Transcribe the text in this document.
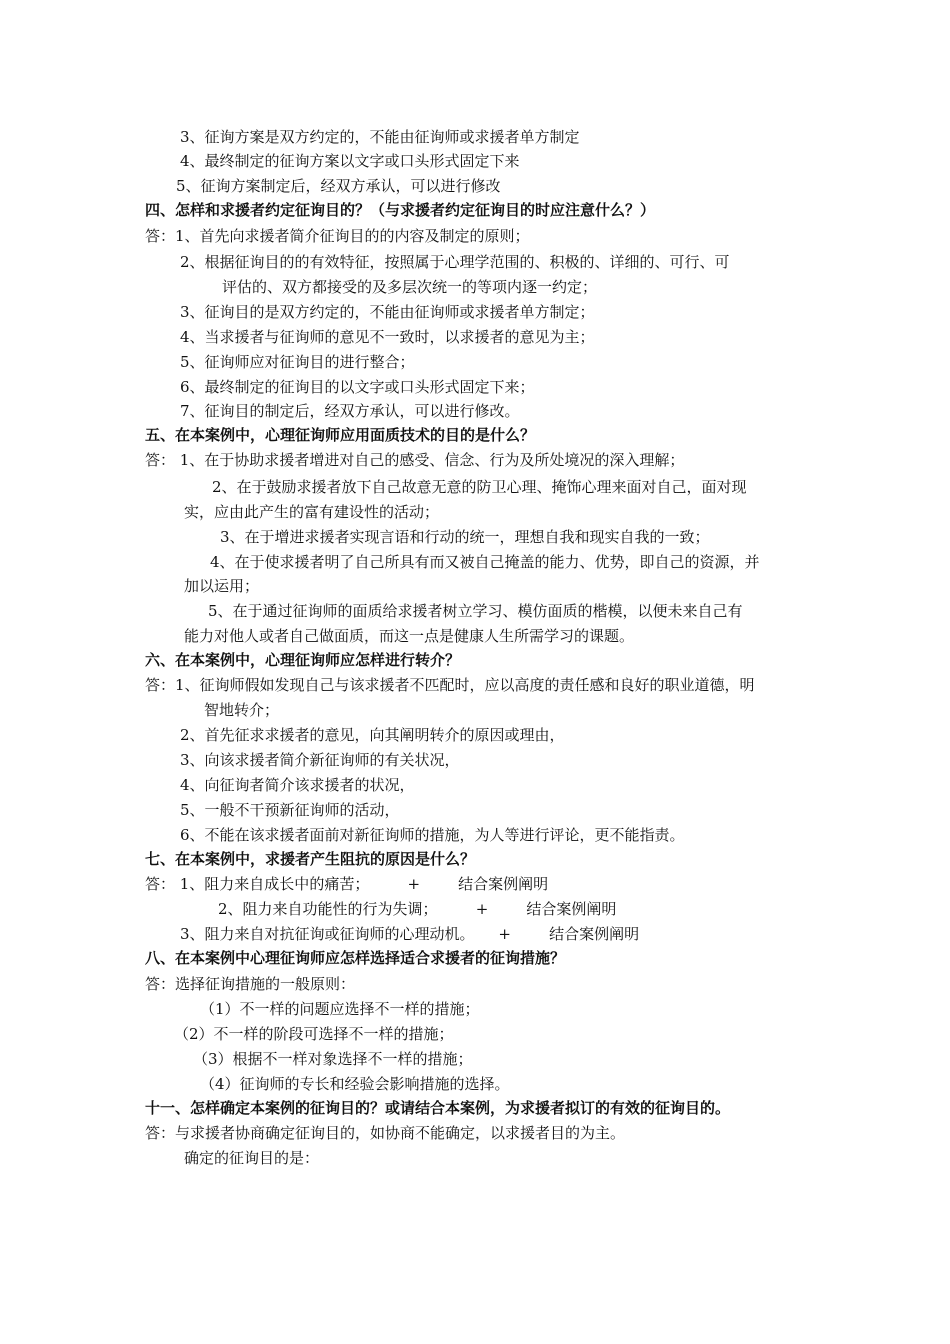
3、征询方案是双方约定的，不能由征询师或求援者单方制定
4、最终制定的征询方案以文字或口头形式固定下来
5、征询方案制定后，经双方承认，可以进行修改
四、怎样和求援者约定征询目的？（与求援者约定征询目的时应注意什么？）
答：1、首先向求援者简介征询目的的内容及制定的原则；
2、根据征询目的的有效特征，按照属于心理学范围的、积极的、详细的、可行、可
评估的、双方都接受的及多层次统一的等项内逐一约定；
3、征询目的是双方约定的，不能由征询师或求援者单方制定；
4、当求援者与征询师的意见不一致时，以求援者的意见为主；
5、征询师应对征询目的进行整合；
6、最终制定的征询目的以文字或口头形式固定下来；
7、征询目的制定后，经双方承认，可以进行修改。
五、在本案例中，心理征询师应用面质技术的目的是什么？
答： 1、在于协助求援者增进对自己的感受、信念、行为及所处境况的深入理解；
2、在于鼓励求援者放下自己故意无意的防卫心理、掩饰心理来面对自己，面对现
实，应由此产生的富有建设性的活动；
3、在于增进求援者实现言语和行动的统一，理想自我和现实自我的一致；
4、在于使求援者明了自己所具有而又被自己掩盖的能力、优势，即自己的资源，并
加以运用；
5、在于通过征询师的面质给求援者树立学习、模仿面质的楷模，以便未来自己有
能力对他人或者自己做面质，而这一点是健康人生所需学习的课题。
六、在本案例中，心理征询师应怎样进行转介？
答：1、征询师假如发现自己与该求援者不匹配时，应以高度的责任感和良好的职业道德，明
智地转介；
2、首先征求求援者的意见，向其阐明转介的原因或理由，
3、向该求援者简介新征询师的有关状况，
4、向征询者简介该求援者的状况，
5、一般不干预新征询师的活动，
6、不能在该求援者面前对新征询师的措施，为人等进行评论，更不能指责。
七、在本案例中，求援者产生阻抗的原因是什么？
答： 1、阻力来自成长中的痛苦；        +        结合案例阐明
2、阻力来自功能性的行为失调；        +        结合案例阐明
3、阻力来自对抗征询或征询师的心理动机。     +        结合案例阐明
八、在本案例中心理征询师应怎样选择适合求援者的征询措施？
答：选择征询措施的一般原则：
（1）不一样的问题应选择不一样的措施；
（2）不一样的阶段可选择不一样的措施；
（3）根据不一样对象选择不一样的措施；
（4）征询师的专长和经验会影响措施的选择。
十一、怎样确定本案例的征询目的？或请结合本案例，为求援者拟订的有效的征询目的。
答：与求援者协商确定征询目的，如协商不能确定，以求援者目的为主。
确定的征询目的是：
